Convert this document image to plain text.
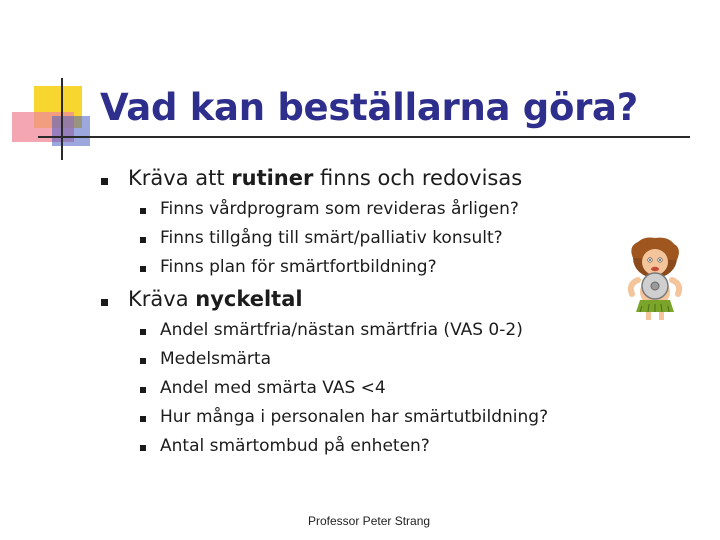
Vad kan beställarna göra?
Kräva att rutiner finns och redovisas
Finns vårdprogram som revideras årligen?
Finns tillgång till smärt/palliativ konsult?
Finns plan för smärtfortbildning?
Kräva nyckeltal
Andel smärtfria/nästan smärtfria (VAS 0-2)
Medelsmärta
Andel med smärta VAS <4
Hur många i personalen har smärtutbildning?
Antal smärtombud på enheten?
Professor Peter Strang
